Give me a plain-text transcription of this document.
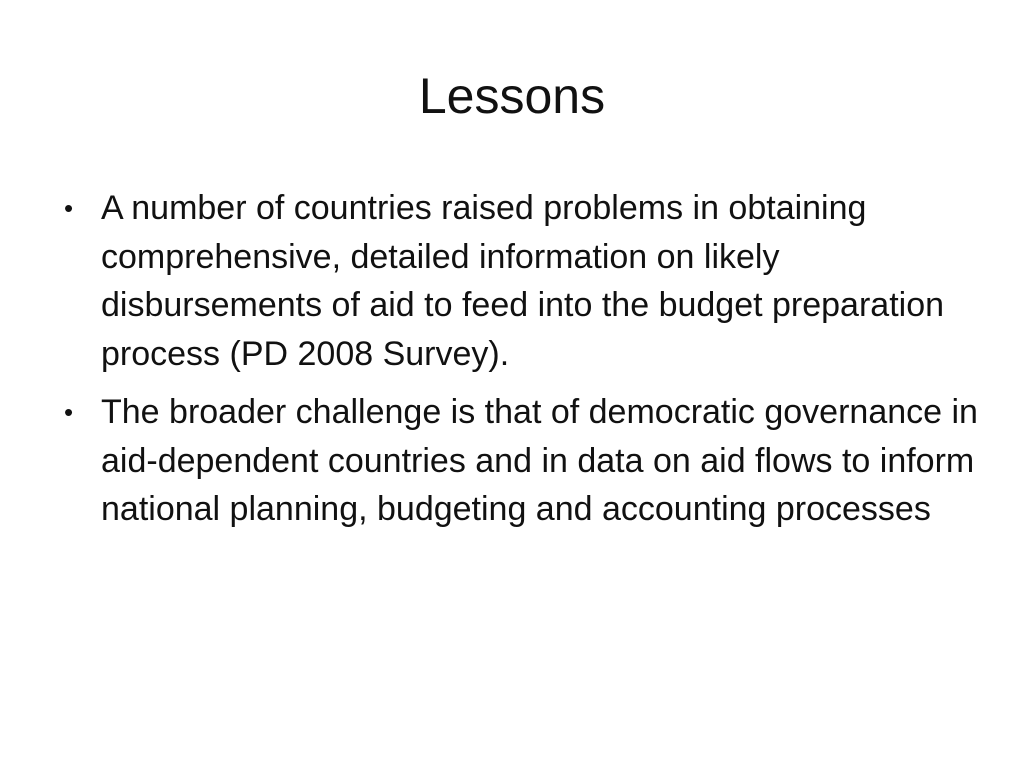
Lessons
• A number of countries raised problems in obtaining comprehensive, detailed information on likely disbursements of aid to feed into the budget preparation process (PD 2008 Survey).
• The broader challenge is that of democratic governance in aid-dependent countries and in data on aid flows to inform national planning, budgeting and accounting processes
